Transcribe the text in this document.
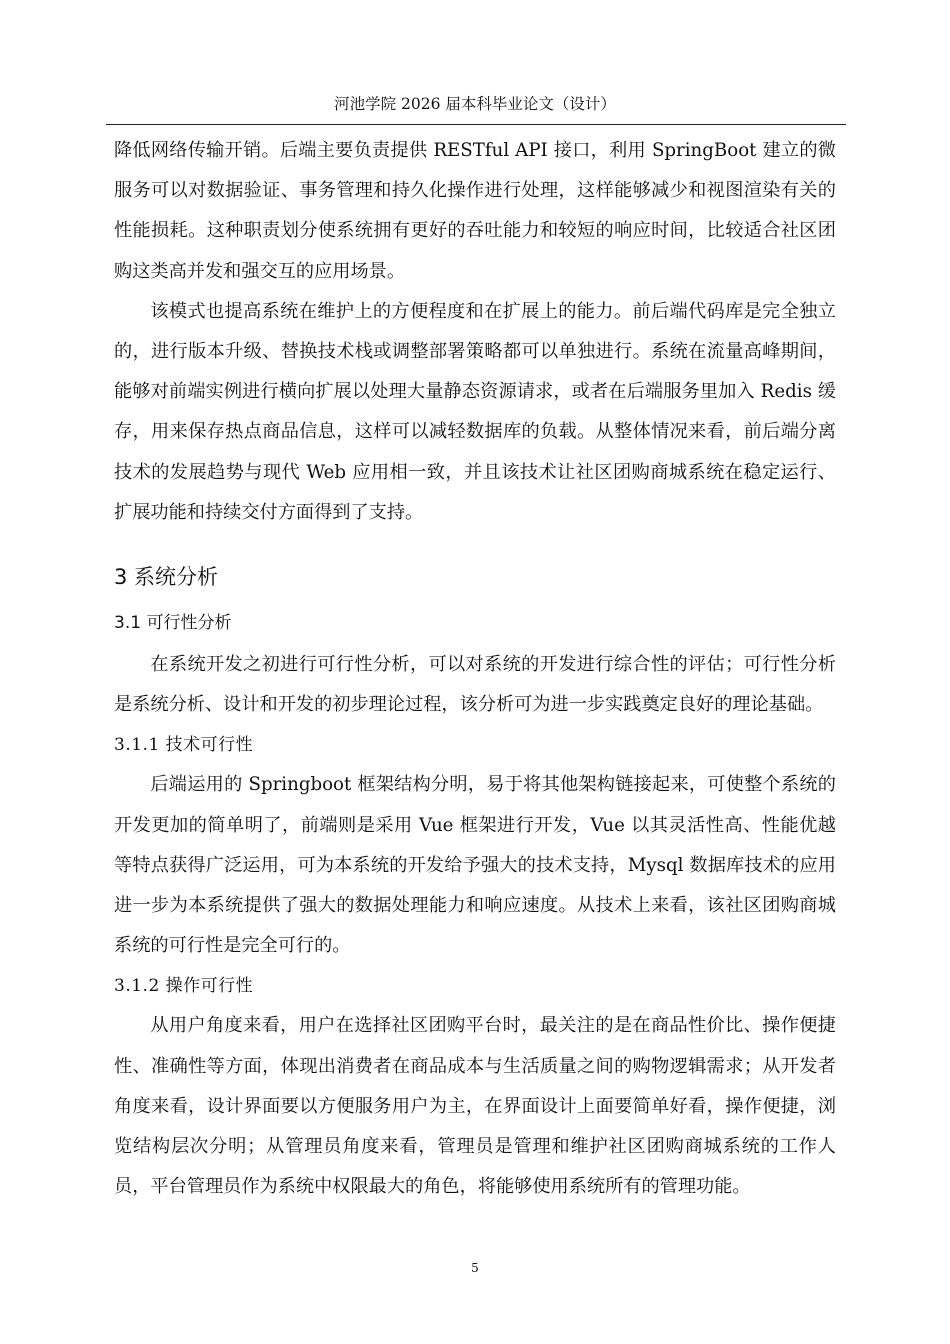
河池学院 2026 届本科毕业论文（设计）

降低网络传输开销。后端主要负责提供 RESTful API 接口，利用 SpringBoot 建立的微服务可以对数据验证、事务管理和持久化操作进行处理，这样能够减少和视图渲染有关的性能损耗。这种职责划分使系统拥有更好的吞吐能力和较短的响应时间，比较适合社区团购这类高并发和强交互的应用场景。

该模式也提高系统在维护上的方便程度和在扩展上的能力。前后端代码库是完全独立的，进行版本升级、替换技术栈或调整部署策略都可以单独进行。系统在流量高峰期间，能够对前端实例进行横向扩展以处理大量静态资源请求，或者在后端服务里加入 Redis 缓存，用来保存热点商品信息，这样可以减轻数据库的负载。从整体情况来看，前后端分离技术的发展趋势与现代 Web 应用相一致，并且该技术让社区团购商城系统在稳定运行、扩展功能和持续交付方面得到了支持。

3 系统分析
3.1 可行性分析

在系统开发之初进行可行性分析，可以对系统的开发进行综合性的评估；可行性分析是系统分析、设计和开发的初步理论过程，该分析可为进一步实践奠定良好的理论基础。

3.1.1 技术可行性

后端运用的 Springboot 框架结构分明，易于将其他架构链接起来，可使整个系统的开发更加的简单明了，前端则是采用 Vue 框架进行开发，Vue 以其灵活性高、性能优越等特点获得广泛运用，可为本系统的开发给予强大的技术支持，Mysql 数据库技术的应用进一步为本系统提供了强大的数据处理能力和响应速度。从技术上来看，该社区团购商城系统的可行性是完全可行的。

3.1.2 操作可行性

从用户角度来看，用户在选择社区团购平台时，最关注的是在商品性价比、操作便捷性、准确性等方面，体现出消费者在商品成本与生活质量之间的购物逻辑需求；从开发者角度来看，设计界面要以方便服务用户为主，在界面设计上面要简单好看，操作便捷，浏览结构层次分明；从管理员角度来看，管理员是管理和维护社区团购商城系统的工作人员，平台管理员作为系统中权限最大的角色，将能够使用系统所有的管理功能。

5
